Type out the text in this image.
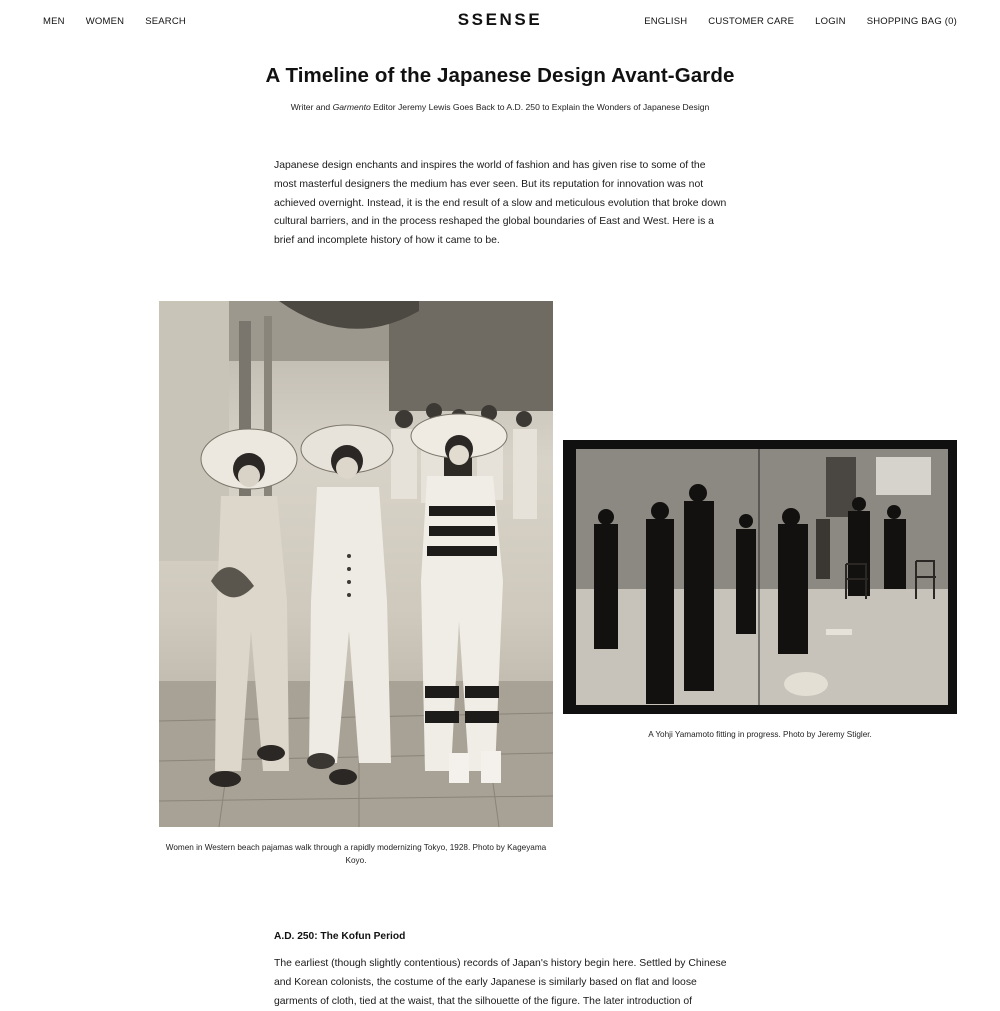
MEN WOMEN SEARCH	SSENSE	ENGLISH CUSTOMER CARE LOGIN SHOPPING BAG (0)
A Timeline of the Japanese Design Avant-Garde

Writer and Garmento Editor Jeremy Lewis Goes Back to A.D. 250 to Explain the Wonders of Japanese Design

Japanese design enchants and inspires the world of fashion and has given rise to some of the most masterful designers the medium has ever seen. But its reputation for innovation was not achieved overnight. Instead, it is the end result of a slow and meticulous evolution that broke down cultural barriers, and in the process reshaped the global boundaries of East and West. Here is a brief and incomplete history of how it came to be.

Women in Western beach pajamas walk through a rapidly modernizing Tokyo, 1928. Photo by Kageyama Koyo.

A Yohji Yamamoto fitting in progress. Photo by Jeremy Stigler.

A.D. 250: The Kofun Period

The earliest (though slightly contentious) records of Japan's history begin here. Settled by Chinese and Korean colonists, the costume of the early Japanese is similarly based on flat and loose garments of cloth, tied at the waist, that the silhouette of the figure. The later introduction of
